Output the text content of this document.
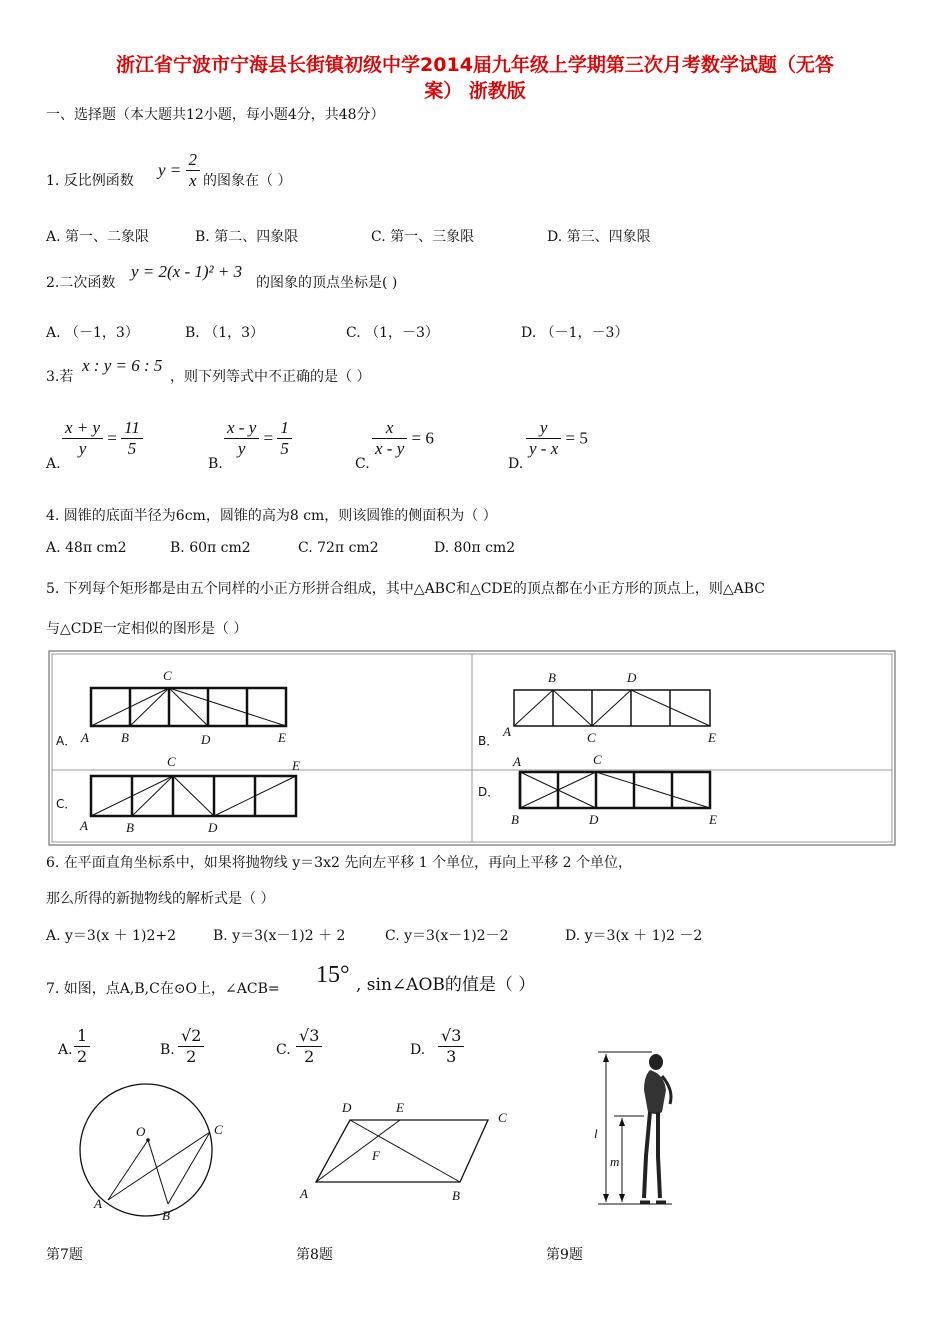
浙江省宁波市宁海县长街镇初级中学2014届九年级上学期第三次月考数学试题（无答
案） 浙教版
一、选择题（本大题共12小题，每小题4分，共48分）
1. 反比例函数
$y = \frac{2}{x}$ 的图象在（ ）
A. 第一、二象限	B. 第二、四象限	C. 第一、三象限	D. 第三、四象限
2.二次函数
y = 2(x - 1)² + 3
的图象的顶点坐标是( )
A. （－1，3）	B. （1，3）	C. （1，－3）	D. （－1，－3）
3.若
x : y = 6 : 5
，则下列等式中不正确的是（ ）
A.
$\frac{x + y}{y} = \frac{11}{5}$
B.
$\frac{x - y}{y} = \frac{1}{5}$
C.
$\frac{x}{x - y} = 6$
D.
$\frac{y}{y - x} = 5$
4. 圆锥的底面半径为6cm，圆锥的高为8 cm，则该圆锥的侧面积为（ ）
A. 48π cm2	B. 60π cm2	C. 72π cm2	D. 80π cm2
5. 下列每个矩形都是由五个同样的小正方形拼合组成，其中△ABC和△CDE的顶点都在小正方形的顶点上，则△ABC
与△CDE一定相似的图形是（ ）
A．
C
A B	D	E	B．
B	D
A	C	E
C．
C	E
A	B	D
D．
A	C
B	D	E
6. 在平面直角坐标系中，如果将抛物线 y＝3x2 先向左平移 1 个单位，再向上平移 2 个单位，
那么所得的新抛物线的解析式是（ ）
A. y＝3(x ＋ 1)2+2	B. y＝3(x－1)2 ＋ 2	C. y＝3(x－1)2－2	D. y＝3(x ＋ 1)2 －2
7. 如图，点A,B,C在⊙O上，∠ACB=
15° , sin∠AOB的值是（ ）
A. $\frac{1}{2}$	B. $\frac{√2}{2}$	C. $\frac{√3}{2}$	D. $\frac{√3}{3}$
O	C
A
B
D	E
C
F
A	B
l
m
第7题	第8题	第9题
